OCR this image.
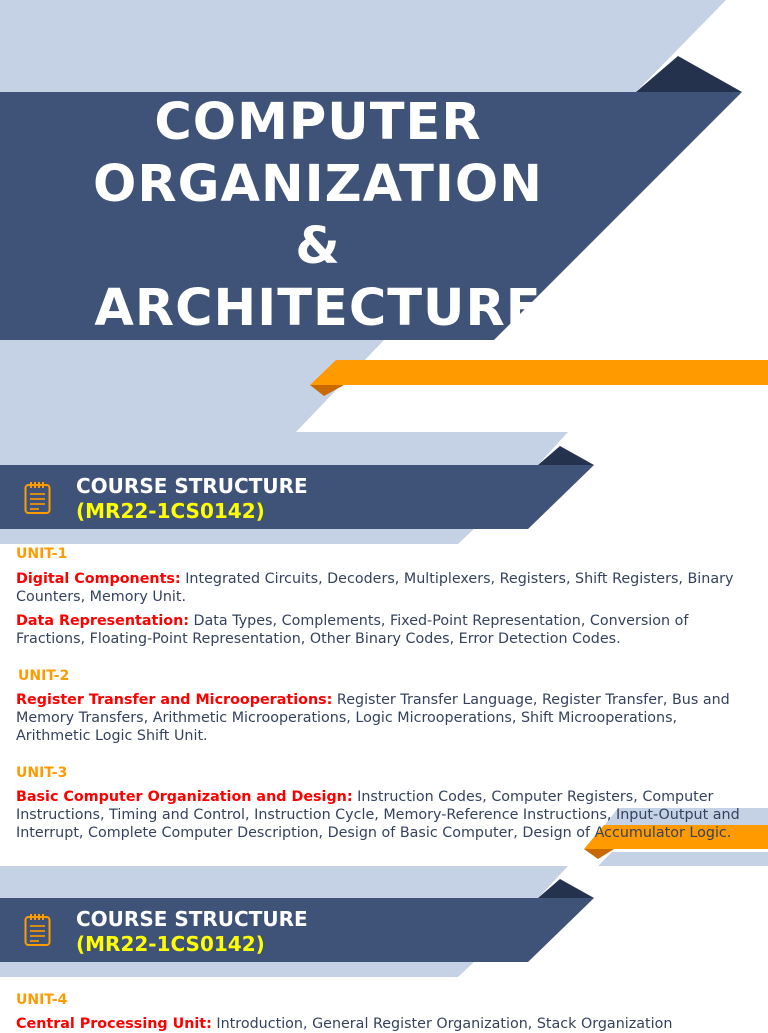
COMPUTER
ORGANIZATION
&
ARCHITECTURE
COURSE STRUCTURE
(MR22-1CS0142)
UNIT-1
Digital Components: Integrated Circuits, Decoders, Multiplexers, Registers, Shift Registers, Binary Counters, Memory Unit.
Data Representation: Data Types, Complements, Fixed-Point Representation, Conversion of Fractions, Floating-Point Representation, Other Binary Codes, Error Detection Codes.
UNIT-2
Register Transfer and Microoperations: Register Transfer Language, Register Transfer, Bus and Memory Transfers, Arithmetic Microoperations, Logic Microoperations, Shift Microoperations, Arithmetic Logic Shift Unit.
UNIT-3
Basic Computer Organization and Design: Instruction Codes, Computer Registers, Computer Instructions, Timing and Control, Instruction Cycle, Memory-Reference Instructions, Input-Output and Interrupt, Complete Computer Description, Design of Basic Computer, Design of Accumulator Logic.
COURSE STRUCTURE
(MR22-1CS0142)
UNIT-4
Central Processing Unit: Introduction, General Register Organization, Stack Organization
